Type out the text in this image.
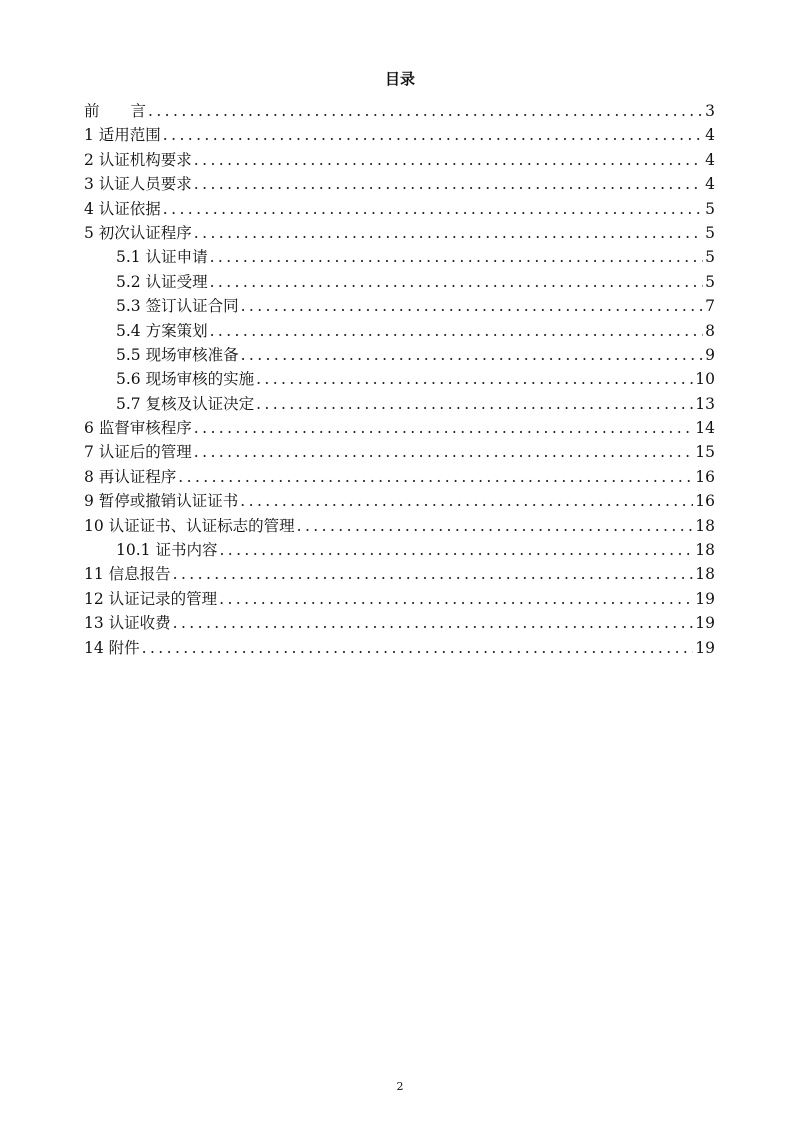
目录
前　　言 .....	3
1 适用范围 .....	4
2 认证机构要求 .....	4
3 认证人员要求 .....	4
4 认证依据 .....	5
5 初次认证程序 .....	5
5.1 认证申请 .....	5
5.2 认证受理 .....	5
5.3 签订认证合同 .....	7
5.4 方案策划 .....	8
5.5 现场审核准备 .....	9
5.6 现场审核的实施 .....	10
5.7 复核及认证决定 .....	13
6 监督审核程序 .....	14
7 认证后的管理 .....	15
8 再认证程序 .....	16
9 暂停或撤销认证证书 .....	16
10 认证证书、认证标志的管理 .....	18
10.1 证书内容 .....	18
11 信息报告 .....	18
12 认证记录的管理 .....	19
13 认证收费 .....	19
14 附件 .....	19
2
